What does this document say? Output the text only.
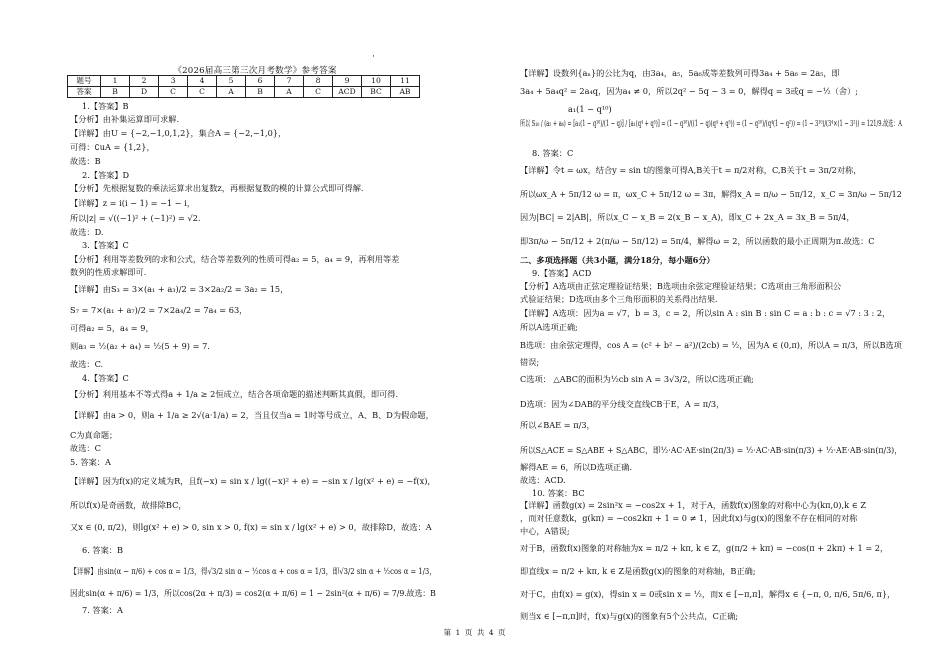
·
《2026届高三第三次月考数学》参考答案
题号	1	2	3	4	5	6	7	8	9	10	11
答案	B	D	C	C	A	B	A	C	ACD	BC	AB
1.【答案】B
【分析】由补集运算即可求解.
【详解】由U = {−2,−1,0,1,2}，集合A = {−2,−1,0}，
可得：∁uA = {1,2}，
故选：B
2.【答案】D
【分析】先根据复数的乘法运算求出复数z，再根据复数的模的计算公式即可得解.
【详解】z = i(i − 1) = −1 − i，
所以|z| = √((−1)² + (−1)²) = √2.
故选：D.
3.【答案】C
【分析】利用等差数列的求和公式，结合等差数列的性质可得a₂ = 5，a₄ = 9，再利用等差
数列的性质求解即可.
【详解】由S₃ = 3×(a₁ + a₃)/2 = 3×2a₂/2 = 3a₂ = 15，
S₇ = 7×(a₁ + a₇)/2 = 7×2a₄/2 = 7a₄ = 63，
可得a₂ = 5，a₄ = 9，
则a₃ = ½(a₂ + a₄) = ½(5 + 9) = 7.
故选：C.
4.【答案】C
【分析】利用基本不等式得a + 1/a ≥ 2恒成立，结合各项命题的描述判断其真假，即可得.
【详解】由a > 0，则a + 1/a ≥ 2√(a·1/a) = 2，当且仅当a = 1时等号成立，A、B、D为假命题，
C为真命题；
故选：C
5. 答案：A
【详解】因为f(x)的定义域为R，且f(−x) = sin x / lg((−x)² + e) = −sin x / lg(x² + e) = −f(x)，
所以f(x)是奇函数，故排除BC，
又x ∈ (0, π/2)，则lg(x² + e) > 0, sin x > 0, f(x) = sin x / lg(x² + e) > 0，故排除D，故选：A
6. 答案：B
【详解】由sin(α − π/6) + cos α = 1/3，得√3/2 sin α − ½cos α + cos α = 1/3，即√3/2 sin α + ½cos α = 1/3，
因此sin(α + π/6) = 1/3，所以cos(2α + π/3) = cos2(α + π/6) = 1 − 2sin²(α + π/6) = 7/9.故选：B
7. 答案：A
【详解】设数列{aₙ}的公比为q，由3a₄，a₅，5a₆成等差数列可得3a₄ + 5a₆ = 2a₅，即
3a₄ + 5a₄q² = 2a₄q，因为a₄ ≠ 0，所以2q² − 5q − 3 = 0，解得q = 3或q = −½（舍）;
a₁(1 − q¹⁰)
所以 S₁₀ / (a₅ + a₆) = [a₁(1 − q¹⁰)/(1 − q)] / [a₁(q⁴ + q⁵)] = (1 − q¹⁰)/((1 − q)(q⁴ + q⁵)) = (1 − q¹⁰)/(q⁴(1 − q²)) = (1 − 3¹⁰)/(3⁴×(1 − 3²)) = 121/9.故选：A
8. 答案：C
【详解】令t = ωx，结合y = sin t的图象可得A,B关于t = π/2对称，C,B关于t = 3π/2对称，
所以ωx_A + 5π/12 ω = π，ωx_C + 5π/12 ω = 3π，解得x_A = π/ω − 5π/12，x_C = 3π/ω − 5π/12
因为|BC| = 2|AB|，所以x_C − x_B = 2(x_B − x_A)，即x_C + 2x_A = 3x_B = 5π/4，
即3π/ω − 5π/12 + 2(π/ω − 5π/12) = 5π/4，解得ω = 2，所以函数的最小正周期为π.故选：C
二、多项选择题（共3小题，满分18分，每小题6分）
9.【答案】ACD
【分析】A选项由正弦定理验证结果；B选项由余弦定理验证结果；C选项由三角形面积公
式验证结果；D选项由多个三角形面积的关系得出结果.
【详解】A选项：因为a = √7，b = 3，c = 2，所以sin A : sin B : sin C = a : b : c = √7 : 3 : 2，
所以A选项正确;
B选项：由余弦定理得，cos A = (c² + b² − a²)/(2cb) = ½，因为A ∈ (0,π)，所以A = π/3，所以B选项
错误;
C选项： △ABC的面积为½cb sin A = 3√3/2，所以C选项正确;
D选项：因为∠DAB的平分线交直线CB于E，A = π/3，
所以∠BAE = π/3，
所以S△ACE = S△ABE + S△ABC，即½·AC·AE·sin(2π/3) = ½·AC·AB·sin(π/3) + ½·AE·AB·sin(π/3)，
解得AE = 6，所以D选项正确.
故选：ACD.
10. 答案：BC
【详解】函数g(x) = 2sin²x = −cos2x + 1，对于A，函数f(x)图象的对称中心为(kπ,0),k ∈ Z
，而对任意数k，g(kπ) = −cos2kπ + 1 = 0 ≠ 1，因此f(x)与g(x)的图象不存在相同的对称
中心，A错误;
对于B，函数f(x)图象的对称轴为x = π/2 + kπ, k ∈ Z，g(π/2 + kπ) = −cos(π + 2kπ) + 1 = 2，
即直线x = π/2 + kπ, k ∈ Z是函数g(x)的图象的对称轴，B正确;
对于C，由f(x) = g(x)，得sin x = 0或sin x = ½，而x ∈ [−π,π]，解得x ∈ {−π, 0, π/6, 5π/6, π}，
则当x ∈ [−π,π]时，f(x)与g(x)的图象有5个公共点，C正确;
第 1 页 共 4 页
